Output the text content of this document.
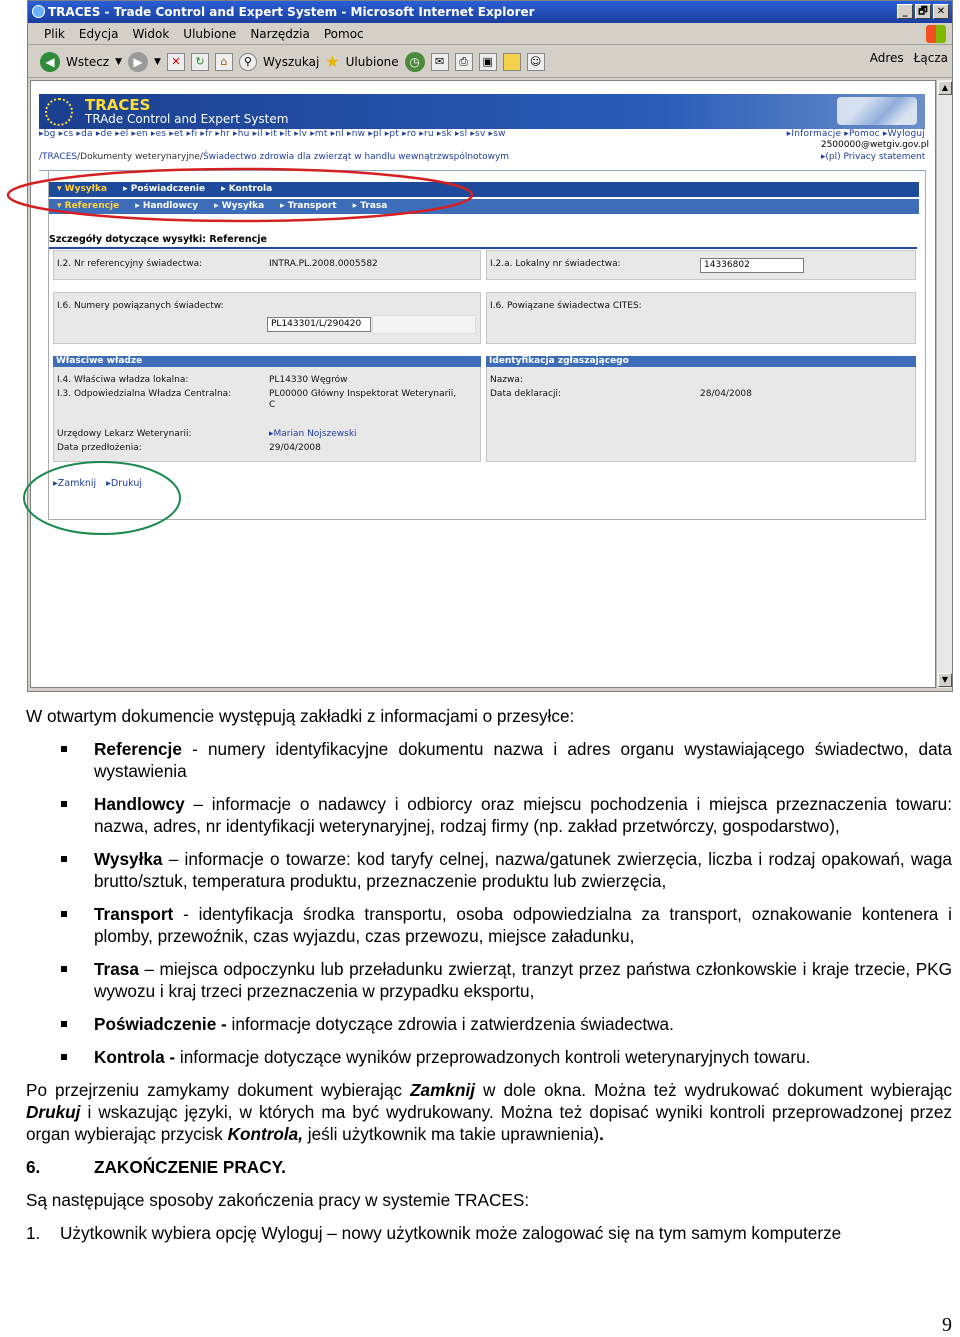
TRACES - Trade Control and Expert System - Microsoft Internet Explorer	_	🗗 ✕
Plik Edycja Widok Ulubione Narzędzia Pomoc
◀ Wstecz ▼ ▶	▼ ✕	↻	⌂	⚲ Wyszukaj ★ Ulubione ◷	✉	⎙	▣	☺	Adres Łącza
TRACES
TRAde Control and Expert System
▸bg ▸cs ▸da ▸de ▸el ▸en ▸es ▸et ▸fi ▸fr ▸hr ▸hu ▸il ▸it ▸lt ▸lv ▸mt ▸nl ▸nw ▸pl ▸pt ▸ro ▸ru ▸sk ▸sl ▸sv ▸sw	▸Informacje ▸Pomoc ▸Wyloguj
2500000@wetgiv.gov.pl
▸(pl) Privacy statement
/TRACES/Dokumenty weterynaryjne/Świadectwo zdrowia dla zwierząt w handlu wewnątrzwspólnotowym
▾ Wysyłka ▸ Poświadczenie ▸ Kontrola
▾ Referencje ▸ Handlowcy ▸ Wysyłka ▸ Transport ▸ Trasa
Szczegóły dotyczące wysyłki: Referencje
I.2. Nr referencyjny świadectwa:	INTRA.PL.2008.0005582	I.2.a. Lokalny nr świadectwa:	14336802
I.6. Numery powiązanych świadectw:
PL143301/L/290420
I.6. Powiązane świadectwa CITES:
Właściwe władze
I.4. Właściwa władza lokalna:	PL14330 Węgrów
I.3. Odpowiedzialna Władza Centralna:	PL00000 Główny Inspektorat Weterynarii,
C
Urzędowy Lekarz Weterynarii:	▸Marian Nojszewski
Data przedłożenia:	29/04/2008
Identyfikacja zgłaszającego
Nazwa:
Data deklaracji:	28/04/2008
▸Zamknij ▸Drukuj
▲
▼

W otwartym dokumencie występują zakładki z informacjami o przesyłce:

Referencje - numery identyfikacyjne dokumentu nazwa i adres organu wystawiającego świadectwo, data wystawienia
Handlowcy – informacje o nadawcy i odbiorcy oraz miejscu pochodzenia i miejsca przeznaczenia towaru: nazwa, adres, nr identyfikacji weterynaryjnej, rodzaj firmy (np. zakład przetwórczy, gospodarstwo),
Wysyłka – informacje o towarze: kod taryfy celnej, nazwa/gatunek zwierzęcia, liczba i rodzaj opakowań, waga brutto/sztuk, temperatura produktu, przeznaczenie produktu lub zwierzęcia,
Transport - identyfikacja środka transportu, osoba odpowiedzialna za transport, oznakowanie kontenera i plomby, przewoźnik, czas wyjazdu, czas przewozu, miejsce załadunku,
Trasa – miejsca odpoczynku lub przeładunku zwierząt, tranzyt przez państwa członkowskie i kraje trzecie, PKG wywozu i kraj trzeci przeznaczenia w przypadku eksportu,
Poświadczenie - informacje dotyczące zdrowia i zatwierdzenia świadectwa.
Kontrola - informacje dotyczące wyników przeprowadzonych kontroli weterynaryjnych towaru.

Po przejrzeniu zamykamy dokument wybierając Zamknij w dole okna. Można też wydrukować dokument wybierając Drukuj i wskazując języki, w których ma być wydrukowany. Można też dopisać wyniki kontroli przeprowadzonej przez organ wybierając przycisk Kontrola, jeśli użytkownik ma takie uprawnienia).

6.	ZAKOŃCZENIE PRACY.

Są następujące sposoby zakończenia pracy w systemie TRACES:

1.	Użytkownik wybiera opcję Wyloguj – nowy użytkownik może zalogować się na tym samym komputerze
9
